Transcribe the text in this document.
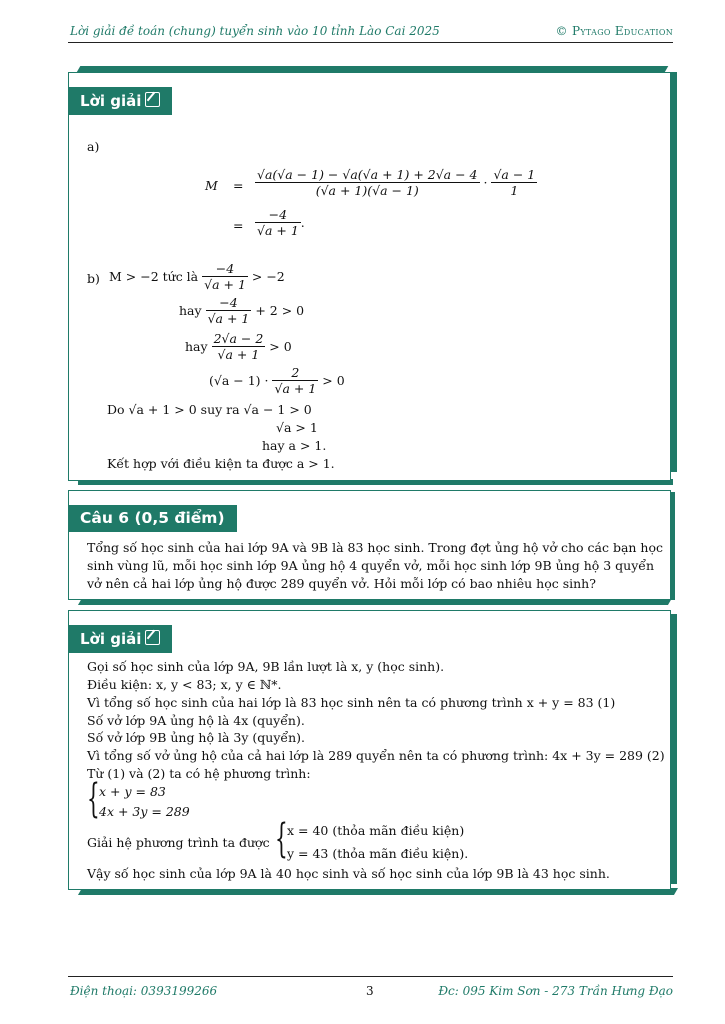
Lời giải đề toán (chung) tuyển sinh vào 10 tỉnh Lào Cai 2025	© Pytago Education
Lời giải
a)
$M = \frac{√a(√a - 1) - √a(√a + 1) + 2√a - 4}{(√a + 1)(√a - 1)} \cdot \frac{√a - 1}{1}$
= $\frac{-4}{√a + 1}$ .
b) M > −2 tức là $\frac{-4}{√a + 1} > -2$
hay $\frac{-4}{√a + 1} + 2 > 0$
hay $\frac{2√a - 2}{√a + 1} > 0$
$(√a - 1) \cdot \frac{2}{√a + 1} > 0$
Do √a + 1 > 0 suy ra √a − 1 > 0
√a > 1
hay a > 1.
Kết hợp với điều kiện ta được a > 1.
Câu 6 (0,5 điểm)
Tổng số học sinh của hai lớp 9A và 9B là 83 học sinh. Trong đợt ủng hộ vở cho các bạn học
sinh vùng lũ, mỗi học sinh lớp 9A ủng hộ 4 quyển vở, mỗi học sinh lớp 9B ủng hộ 3 quyển
vở nên cả hai lớp ủng hộ được 289 quyển vở. Hỏi mỗi lớp có bao nhiêu học sinh?
Lời giải
Gọi số học sinh của lớp 9A, 9B lần lượt là x, y (học sinh).
Điều kiện: x, y < 83; x, y ∈ ℕ*.
Vì tổng số học sinh của hai lớp là 83 học sinh nên ta có phương trình x + y = 83 (1)
Số vở lớp 9A ủng hộ là 4x (quyển).
Số vở lớp 9B ủng hộ là 3y (quyển).
Vì tổng số vở ủng hộ của cả hai lớp là 289 quyển nên ta có phương trình: 4x + 3y = 289 (2)
Từ (1) và (2) ta có hệ phương trình:
{ x + y = 83
4x + 3y = 289
Giải hệ phương trình ta được { x = 40 (thỏa mãn điều kiện)
y = 43 (thỏa mãn điều kiện).
Vậy số học sinh của lớp 9A là 40 học sinh và số học sinh của lớp 9B là 43 học sinh.
Điện thoại: 0393199266	3	Đc: 095 Kim Sơn - 273 Trần Hưng Đạo
